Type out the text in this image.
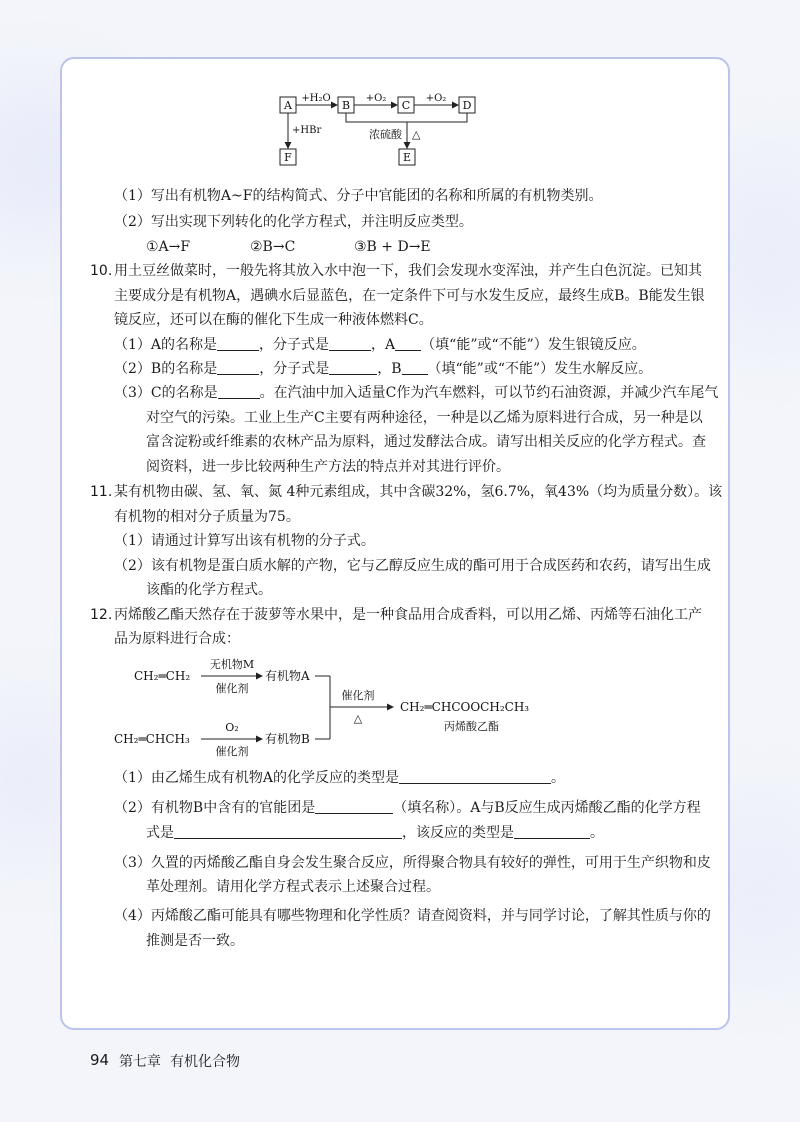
A	B	C	D
F	E
+H₂O	+O₂	+O₂
+HBr	浓硫酸 △
（1）写出有机物A~F的结构简式、分子中官能团的名称和所属的有机物类别。
（2）写出实现下列转化的化学方程式，并注明反应类型。
①A→F	②B→C	③B + D→E
10. 用土豆丝做菜时，一般先将其放入水中泡一下，我们会发现水变浑浊，并产生白色沉淀。已知其
主要成分是有机物A，遇碘水后显蓝色，在一定条件下可与水发生反应，最终生成B。B能发生银
镜反应，还可以在酶的催化下生成一种液体燃料C。
（1）A的名称是	，分子式是	，A （填“能”或“不能”）发生银镜反应。
（2）B的名称是	，分子式是	，B （填“能”或“不能”）发生水解反应。
（3）C的名称是	。在汽油中加入适量C作为汽车燃料，可以节约石油资源，并减少汽车尾气
对空气的污染。工业上生产C主要有两种途径，一种是以乙烯为原料进行合成，另一种是以
富含淀粉或纤维素的农林产品为原料，通过发酵法合成。请写出相关反应的化学方程式。查
阅资料，进一步比较两种生产方法的特点并对其进行评价。
11. 某有机物由碳、氢、氧、氮 4种元素组成，其中含碳32%，氢6.7%，氧43%（均为质量分数）。该
有机物的相对分子质量为75。
（1）请通过计算写出该有机物的分子式。
（2）该有机物是蛋白质水解的产物，它与乙醇反应生成的酯可用于合成医药和农药，请写出生成
该酯的化学方程式。
12. 丙烯酸乙酯天然存在于菠萝等水果中，是一种食品用合成香料，可以用乙烯、丙烯等石油化工产
品为原料进行合成：
CH₂═CH₂
无机物M
催化剂
有机物A
CH₂═CHCH₃
O₂
催化剂
有机物B
催化剂
△
CH₂═CHCOOCH₂CH₃
丙烯酸乙酯
（1）由乙烯生成有机物A的化学反应的类型是	。
（2）有机物B中含有的官能团是	（填名称）。A与B反应生成丙烯酸乙酯的化学方程
式是	，该反应的类型是	。
（3）久置的丙烯酸乙酯自身会发生聚合反应，所得聚合物具有较好的弹性，可用于生产织物和皮
革处理剂。请用化学方程式表示上述聚合过程。
（4）丙烯酸乙酯可能具有哪些物理和化学性质？请查阅资料，并与同学讨论，了解其性质与你的
推测是否一致。
94 第七章 有机化合物
